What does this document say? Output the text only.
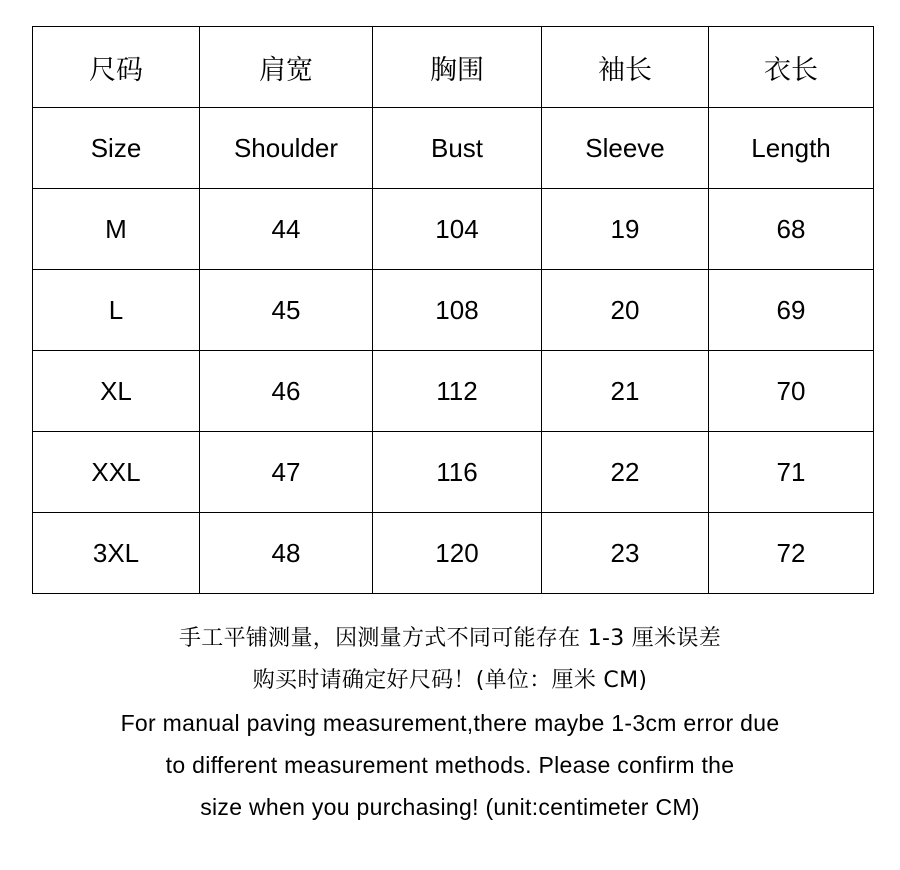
尺码	肩宽	胸围	袖长	衣长
Size	Shoulder	Bust	Sleeve	Length
M	44	104	19	68
L	45	108	20	69
XL	46	112	21	70
XXL	47	116	22	71
3XL	48	120	23	72
手工平铺测量，因测量方式不同可能存在 1-3 厘米误差
购买时请确定好尺码！(单位：厘米 CM)
For manual paving measurement,there maybe 1-3cm error due
to different measurement methods. Please confirm the
size when you purchasing! (unit:centimeter CM)
